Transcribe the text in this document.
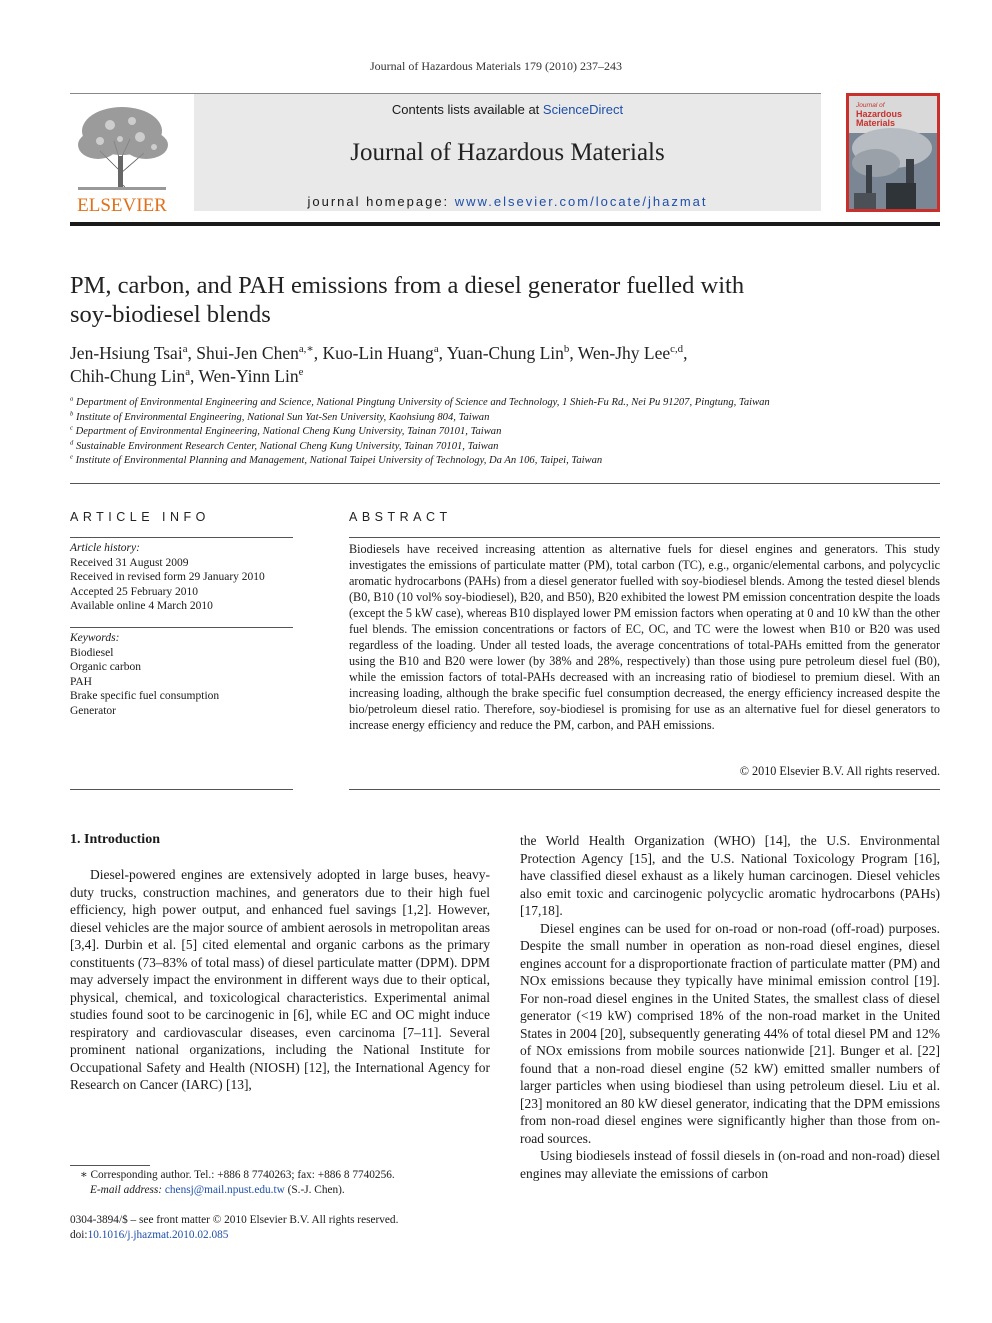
Journal of Hazardous Materials 179 (2010) 237–243
Contents lists available at ScienceDirect
Journal of Hazardous Materials
journal homepage: www.elsevier.com/locate/jhazmat
ELSEVIER
Journal of
Hazardous
Materials
PM, carbon, and PAH emissions from a diesel generator fuelled with
soy-biodiesel blends
Jen-Hsiung Tsai$^a$, Shui-Jen Chen$^{a,∗}$, Kuo-Lin Huang$^a$, Yuan-Chung Lin$^b$, Wen-Jhy Lee$^{c,d}$,
Chih-Chung Lin$^a$, Wen-Yinn Lin$^e$
$^a$ Department of Environmental Engineering and Science, National Pingtung University of Science and Technology, 1 Shieh-Fu Rd., Nei Pu 91207, Pingtung, Taiwan
$^b$ Institute of Environmental Engineering, National Sun Yat-Sen University, Kaohsiung 804, Taiwan
$^c$ Department of Environmental Engineering, National Cheng Kung University, Tainan 70101, Taiwan
$^d$ Sustainable Environment Research Center, National Cheng Kung University, Tainan 70101, Taiwan
$^e$ Institute of Environmental Planning and Management, National Taipei University of Technology, Da An 106, Taipei, Taiwan
ARTICLE INFO
Article history:
Received 31 August 2009
Received in revised form 29 January 2010
Accepted 25 February 2010
Available online 4 March 2010
Keywords:
Biodiesel
Organic carbon
PAH
Brake specific fuel consumption
Generator
ABSTRACT
Biodiesels have received increasing attention as alternative fuels for diesel engines and generators. This study investigates the emissions of particulate matter (PM), total carbon (TC), e.g., organic/elemental carbons, and polycyclic aromatic hydrocarbons (PAHs) from a diesel generator fuelled with soy-biodiesel blends. Among the tested diesel blends (B0, B10 (10 vol% soy-biodiesel), B20, and B50), B20 exhibited the lowest PM emission concentration despite the loads (except the 5 kW case), whereas B10 displayed lower PM emission factors when operating at 0 and 10 kW than the other fuel blends. The emission concentrations or factors of EC, OC, and TC were the lowest when B10 or B20 was used regardless of the loading. Under all tested loads, the average concentrations of total-PAHs emitted from the generator using the B10 and B20 were lower (by 38% and 28%, respectively) than those using pure petroleum diesel fuel (B0), while the emission factors of total-PAHs decreased with an increasing ratio of biodiesel to premium diesel. With an increasing loading, although the brake specific fuel consumption decreased, the energy efficiency increased despite the bio/petroleum diesel ratio. Therefore, soy-biodiesel is promising for use as an alternative fuel for diesel generators to increase energy efficiency and reduce the PM, carbon, and PAH emissions.
© 2010 Elsevier B.V. All rights reserved.
1. Introduction

Diesel-powered engines are extensively adopted in large buses, heavy-duty trucks, construction machines, and generators due to their high fuel efficiency, high power output, and enhanced fuel savings [1,2]. However, diesel vehicles are the major source of ambient aerosols in metropolitan areas [3,4]. Durbin et al. [5] cited elemental and organic carbons as the primary constituents (73–83% of total mass) of diesel particulate matter (DPM). DPM may adversely impact the environment in different ways due to their optical, physical, chemical, and toxicological characteristics. Experimental animal studies found soot to be carcinogenic in [6], while EC and OC might induce respiratory and cardiovascular diseases, even carcinoma [7–11]. Several prominent national organizations, including the National Institute for Occupational Safety and Health (NIOSH) [12], the International Agency for Research on Cancer (IARC) [13],

the World Health Organization (WHO) [14], the U.S. Environmental Protection Agency [15], and the U.S. National Toxicology Program [16], have classified diesel exhaust as a likely human carcinogen. Diesel vehicles also emit toxic and carcinogenic polycyclic aromatic hydrocarbons (PAHs) [17,18].

Diesel engines can be used for on-road or non-road (off-road) purposes. Despite the small number in operation as non-road diesel engines, diesel engines account for a disproportionate fraction of particulate matter (PM) and NOx emissions because they typically have minimal emission control [19]. For non-road diesel engines in the United States, the smallest class of diesel generator (<19 kW) comprised 18% of the non-road market in the United States in 2004 [20], subsequently generating 44% of total diesel PM and 12% of NOx emissions from mobile sources nationwide [21]. Bunger et al. [22] found that a non-road diesel engine (52 kW) emitted smaller numbers of larger particles when using biodiesel than using petroleum diesel. Liu et al. [23] monitored an 80 kW diesel generator, indicating that the DPM emissions from non-road diesel engines were significantly higher than those from on-road sources.

Using biodiesels instead of fossil diesels in (on-road and non-road) diesel engines may alleviate the emissions of carbon

∗ Corresponding author. Tel.: +886 8 7740263; fax: +886 8 7740256.
E-mail address: chensj@mail.npust.edu.tw (S.-J. Chen).
0304-3894/$ – see front matter © 2010 Elsevier B.V. All rights reserved.
doi:10.1016/j.jhazmat.2010.02.085
